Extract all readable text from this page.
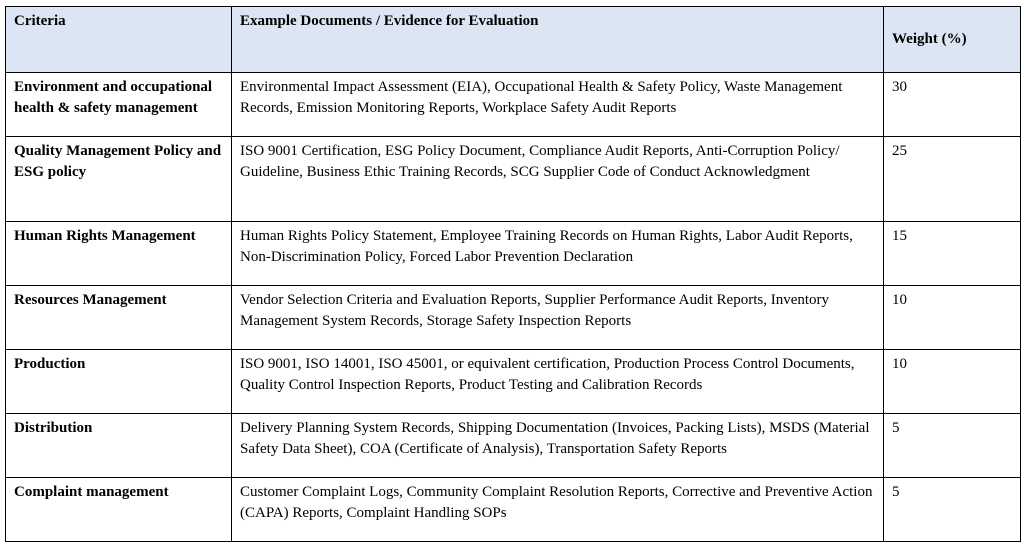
Criteria	Example Documents / Evidence for Evaluation	Weight (%)
Environment and occupational health & safety management	Environmental Impact Assessment (EIA), Occupational Health & Safety Policy, Waste Management Records, Emission Monitoring Reports, Workplace Safety Audit Reports	30
Quality Management Policy and ESG policy	ISO 9001 Certification, ESG Policy Document, Compliance Audit Reports, Anti-Corruption Policy/ Guideline, Business Ethic Training Records, SCG Supplier Code of Conduct Acknowledgment	25
Human Rights Management	Human Rights Policy Statement, Employee Training Records on Human Rights, Labor Audit Reports, Non-Discrimination Policy, Forced Labor Prevention Declaration	15
Resources Management	Vendor Selection Criteria and Evaluation Reports, Supplier Performance Audit Reports, Inventory Management System Records, Storage Safety Inspection Reports	10
Production	ISO 9001, ISO 14001, ISO 45001, or equivalent certification, Production Process Control Documents, Quality Control Inspection Reports, Product Testing and Calibration Records	10
Distribution	Delivery Planning System Records, Shipping Documentation (Invoices, Packing Lists), MSDS (Material Safety Data Sheet), COA (Certificate of Analysis), Transportation Safety Reports	5
Complaint management	Customer Complaint Logs, Community Complaint Resolution Reports, Corrective and Preventive Action (CAPA) Reports, Complaint Handling SOPs	5
